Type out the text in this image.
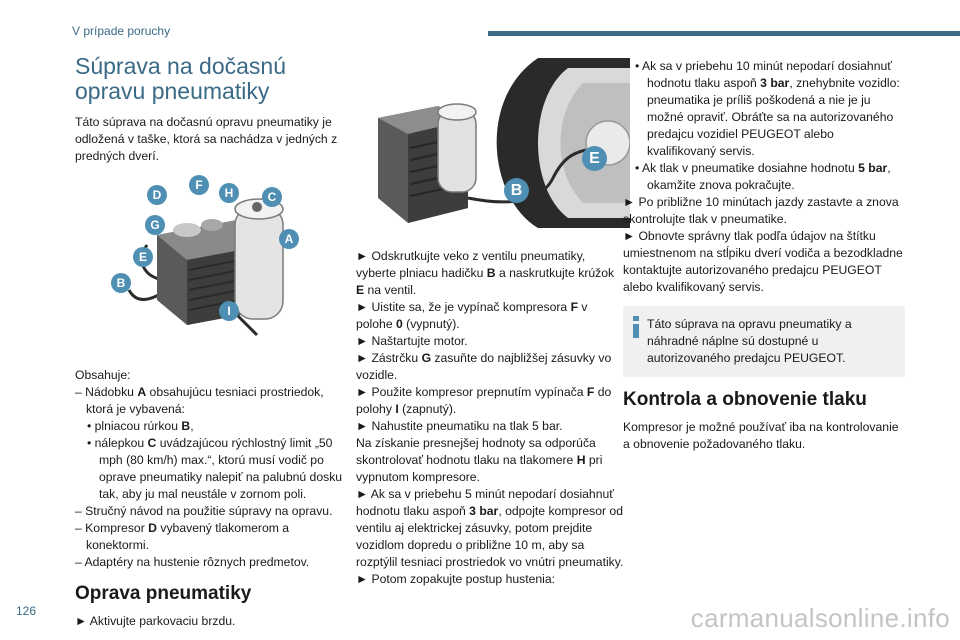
V prípade poruchy
Súprava na dočasnú
opravu pneumatiky

Táto súprava na dočasnú opravu pneumatiky je odložená v taške, ktorá sa nachádza v jedných z predných dverí.

F
H
D	C
G
A
E
B
I

Obsahuje:

– Nádobku A obsahujúcu tesniaci prostriedok, ktorá je vybavená:

• plniacou rúrkou B,

• nálepkou C uvádzajúcou rýchlostný limit „50 mph (80 km/h) max.“, ktorú musí vodič po oprave pneumatiky nalepiť na palubnú dosku tak, aby ju mal neustále v zornom poli.

– Stručný návod na použitie súpravy na opravu.

– Kompresor D vybavený tlakomerom a konektormi.

– Adaptéry na hustenie rôznych predmetov.

Oprava pneumatiky

► Aktivujte parkovaciu brzdu.

E
B

► Odskrutkujte veko z ventilu pneumatiky, vyberte plniacu hadičku B a naskrutkujte krúžok E na ventil.

► Uistite sa, že je vypínač kompresora F v polohe 0 (vypnutý).

► Naštartujte motor.

► Zástrčku G zasuňte do najbližšej zásuvky vo vozidle.

► Použite kompresor prepnutím vypínača F do polohy I (zapnutý).

► Nahustite pneumatiku na tlak 5 bar.

Na získanie presnejšej hodnoty sa odporúča skontrolovať hodnotu tlaku na tlakomere H pri vypnutom kompresore.

► Ak sa v priebehu 5 minút nepodarí dosiahnuť hodnotu tlaku aspoň 3 bar, odpojte kompresor od ventilu aj elektrickej zásuvky, potom prejdite vozidlom dopredu o približne 10 m, aby sa rozptýlil tesniaci prostriedok vo vnútri pneumatiky.

► Potom zopakujte postup hustenia:

• Ak sa v priebehu 10 minút nepodarí dosiahnuť hodnotu tlaku aspoň 3 bar, znehybnite vozidlo: pneumatika je príliš poškodená a nie je ju možné opraviť. Obráťte sa na autorizovaného predajcu vozidiel PEUGEOT alebo kvalifikovaný servis.

• Ak tlak v pneumatike dosiahne hodnotu 5 bar, okamžite znova pokračujte.

► Po približne 10 minútach jazdy zastavte a znova skontrolujte tlak v pneumatike.

► Obnovte správny tlak podľa údajov na štítku umiestnenom na stĺpiku dverí vodiča a bezodkladne kontaktujte autorizovaného predajcu PEUGEOT alebo kvalifikovaný servis.

Táto súprava na opravu pneumatiky a náhradné náplne sú dostupné u autorizovaného predajcu PEUGEOT.

Kontrola a obnovenie tlaku

Kompresor je možné používať iba na kontrolovanie a obnovenie požadovaného tlaku.

126	carmanualsonline.info
